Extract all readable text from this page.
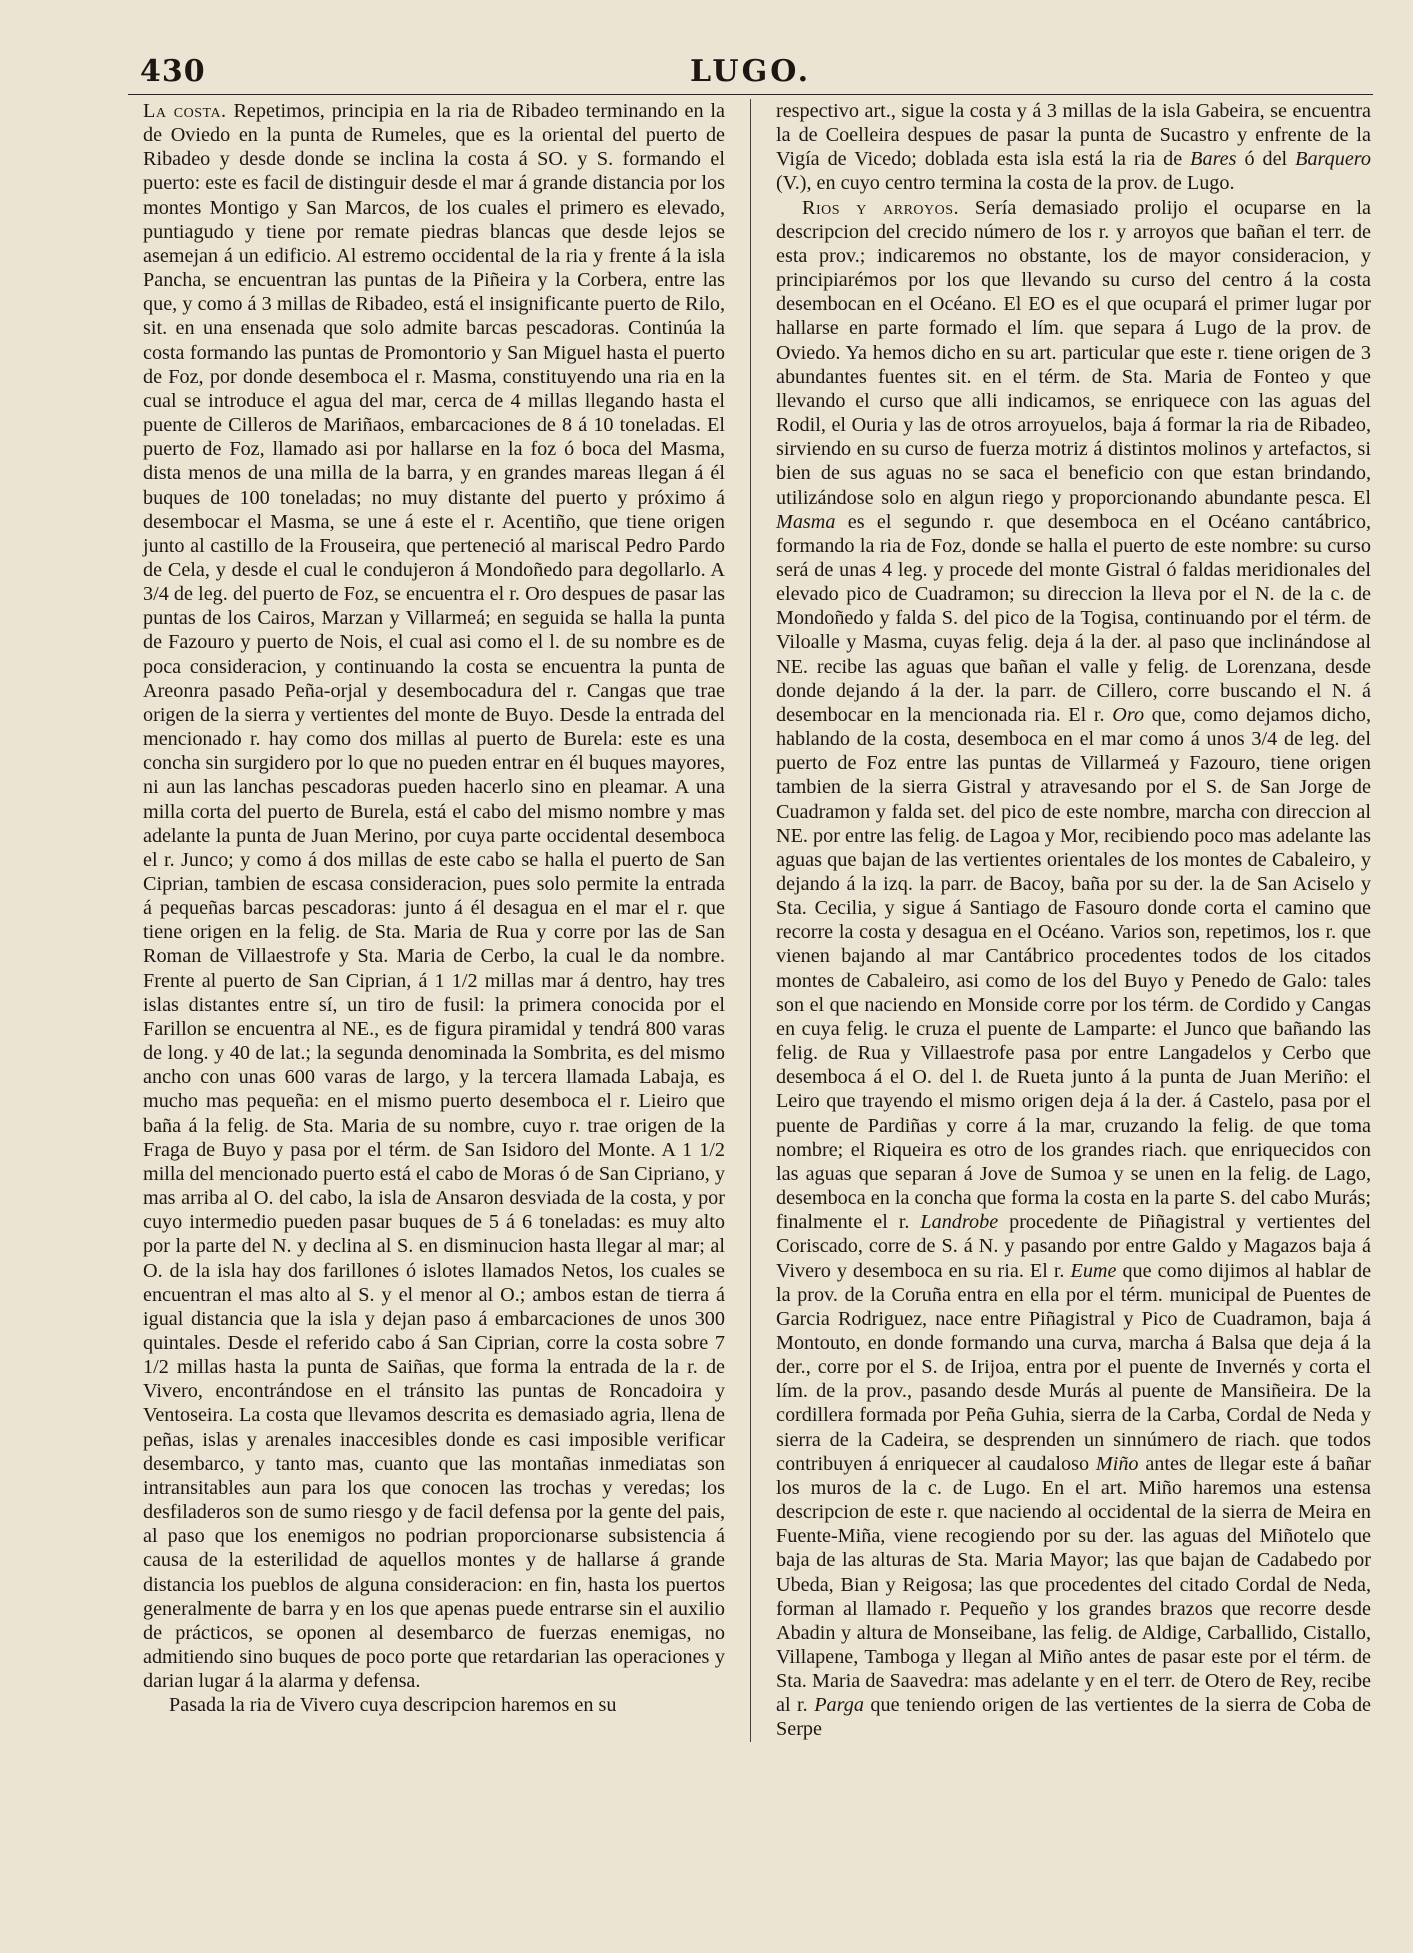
430	LUGO.

La costa. Repetimos, principia en la ria de Ribadeo terminando en la de Oviedo en la punta de Rumeles, que es la oriental del puerto de Ribadeo y desde donde se inclina la costa á SO. y S. formando el puerto: este es facil de distinguir desde el mar á grande distancia por los montes Montigo y San Marcos, de los cuales el primero es elevado, puntiagudo y tiene por remate piedras blancas que desde lejos se asemejan á un edificio. Al estremo occidental de la ria y frente á la isla Pancha, se encuentran las puntas de la Piñeira y la Corbera, entre las que, y como á 3 millas de Ribadeo, está el insignificante puerto de Rilo, sit. en una ensenada que solo admite barcas pescadoras. Continúa la costa formando las puntas de Promontorio y San Miguel hasta el puerto de Foz, por donde desemboca el r. Masma, constituyendo una ria en la cual se introduce el agua del mar, cerca de 4 millas llegando hasta el puente de Cilleros de Mariñaos, embarcaciones de 8 á 10 toneladas. El puerto de Foz, llamado asi por hallarse en la foz ó boca del Masma, dista menos de una milla de la barra, y en grandes mareas llegan á él buques de 100 toneladas; no muy distante del puerto y próximo á desembocar el Masma, se une á este el r. Acentiño, que tiene origen junto al castillo de la Frouseira, que perteneció al mariscal Pedro Pardo de Cela, y desde el cual le condujeron á Mondoñedo para degollarlo. A 3/4 de leg. del puerto de Foz, se encuentra el r. Oro despues de pasar las puntas de los Cairos, Marzan y Villarmeá; en seguida se halla la punta de Fazouro y puerto de Nois, el cual asi como el l. de su nombre es de poca consideracion, y continuando la costa se encuentra la punta de Areonra pasado Peña-orjal y desembocadura del r. Cangas que trae origen de la sierra y vertientes del monte de Buyo. Desde la entrada del mencionado r. hay como dos millas al puerto de Burela: este es una concha sin surgidero por lo que no pueden entrar en él buques mayores, ni aun las lanchas pescadoras pueden hacerlo sino en pleamar. A una milla corta del puerto de Burela, está el cabo del mismo nombre y mas adelante la punta de Juan Merino, por cuya parte occidental desemboca el r. Junco; y como á dos millas de este cabo se halla el puerto de San Ciprian, tambien de escasa consideracion, pues solo permite la entrada á pequeñas barcas pescadoras: junto á él desagua en el mar el r. que tiene origen en la felig. de Sta. Maria de Rua y corre por las de San Roman de Villaestrofe y Sta. Maria de Cerbo, la cual le da nombre. Frente al puerto de San Ciprian, á 1 1/2 millas mar á dentro, hay tres islas distantes entre sí, un tiro de fusil: la primera conocida por el Farillon se encuentra al NE., es de figura piramidal y tendrá 800 varas de long. y 40 de lat.; la segunda denominada la Sombrita, es del mismo ancho con unas 600 varas de largo, y la tercera llamada Labaja, es mucho mas pequeña: en el mismo puerto desemboca el r. Lieiro que baña á la felig. de Sta. Maria de su nombre, cuyo r. trae origen de la Fraga de Buyo y pasa por el térm. de San Isidoro del Monte. A 1 1/2 milla del mencionado puerto está el cabo de Moras ó de San Cipriano, y mas arriba al O. del cabo, la isla de Ansaron desviada de la costa, y por cuyo intermedio pueden pasar buques de 5 á 6 toneladas: es muy alto por la parte del N. y declina al S. en disminucion hasta llegar al mar; al O. de la isla hay dos farillones ó islotes llamados Netos, los cuales se encuentran el mas alto al S. y el menor al O.; ambos estan de tierra á igual distancia que la isla y dejan paso á embarcaciones de unos 300 quintales. Desde el referido cabo á San Ciprian, corre la costa sobre 7 1/2 millas hasta la punta de Saiñas, que forma la entrada de la r. de Vivero, encontrándose en el tránsito las puntas de Roncadoira y Ventoseira. La costa que llevamos descrita es demasiado agria, llena de peñas, islas y arenales inaccesibles donde es casi imposible verificar desembarco, y tanto mas, cuanto que las montañas inmediatas son intransitables aun para los que conocen las trochas y veredas; los desfiladeros son de sumo riesgo y de facil defensa por la gente del pais, al paso que los enemigos no podrian proporcionarse subsistencia á causa de la esterilidad de aquellos montes y de hallarse á grande distancia los pueblos de alguna consideracion: en fin, hasta los puertos generalmente de barra y en los que apenas puede entrarse sin el auxilio de prácticos, se oponen al desembarco de fuerzas enemigas, no admitiendo sino buques de poco porte que retardarian las operaciones y darian lugar á la alarma y defensa.

Pasada la ria de Vivero cuya descripcion haremos en su

respectivo art., sigue la costa y á 3 millas de la isla Gabeira, se encuentra la de Coelleira despues de pasar la punta de Sucastro y enfrente de la Vigía de Vicedo; doblada esta isla está la ria de Bares ó del Barquero (V.), en cuyo centro termina la costa de la prov. de Lugo.

Rios y arroyos. Sería demasiado prolijo el ocuparse en la descripcion del crecido número de los r. y arroyos que bañan el terr. de esta prov.; indicaremos no obstante, los de mayor consideracion, y principiarémos por los que llevando su curso del centro á la costa desembocan en el Océano. El EO es el que ocupará el primer lugar por hallarse en parte formado el lím. que separa á Lugo de la prov. de Oviedo. Ya hemos dicho en su art. particular que este r. tiene origen de 3 abundantes fuentes sit. en el térm. de Sta. Maria de Fonteo y que llevando el curso que alli indicamos, se enriquece con las aguas del Rodil, el Ouria y las de otros arroyuelos, baja á formar la ria de Ribadeo, sirviendo en su curso de fuerza motriz á distintos molinos y artefactos, si bien de sus aguas no se saca el beneficio con que estan brindando, utilizándose solo en algun riego y proporcionando abundante pesca. El Masma es el segundo r. que desemboca en el Océano cantábrico, formando la ria de Foz, donde se halla el puerto de este nombre: su curso será de unas 4 leg. y procede del monte Gistral ó faldas meridionales del elevado pico de Cuadramon; su direccion la lleva por el N. de la c. de Mondoñedo y falda S. del pico de la Togisa, continuando por el térm. de Viloalle y Masma, cuyas felig. deja á la der. al paso que inclinándose al NE. recibe las aguas que bañan el valle y felig. de Lorenzana, desde donde dejando á la der. la parr. de Cillero, corre buscando el N. á desembocar en la mencionada ria. El r. Oro que, como dejamos dicho, hablando de la costa, desemboca en el mar como á unos 3/4 de leg. del puerto de Foz entre las puntas de Villarmeá y Fazouro, tiene origen tambien de la sierra Gistral y atravesando por el S. de San Jorge de Cuadramon y falda set. del pico de este nombre, marcha con direccion al NE. por entre las felig. de Lagoa y Mor, recibiendo poco mas adelante las aguas que bajan de las vertientes orientales de los montes de Cabaleiro, y dejando á la izq. la parr. de Bacoy, baña por su der. la de San Aciselo y Sta. Cecilia, y sigue á Santiago de Fasouro donde corta el camino que recorre la costa y desagua en el Océano. Varios son, repetimos, los r. que vienen bajando al mar Cantábrico procedentes todos de los citados montes de Cabaleiro, asi como de los del Buyo y Penedo de Galo: tales son el que naciendo en Monside corre por los térm. de Cordido y Cangas en cuya felig. le cruza el puente de Lamparte: el Junco que bañando las felig. de Rua y Villaestrofe pasa por entre Langadelos y Cerbo que desemboca á el O. del l. de Rueta junto á la punta de Juan Meriño: el Leiro que trayendo el mismo origen deja á la der. á Castelo, pasa por el puente de Pardiñas y corre á la mar, cruzando la felig. de que toma nombre; el Riqueira es otro de los grandes riach. que enriquecidos con las aguas que separan á Jove de Sumoa y se unen en la felig. de Lago, desemboca en la concha que forma la costa en la parte S. del cabo Murás; finalmente el r. Landrobe procedente de Piñagistral y vertientes del Coriscado, corre de S. á N. y pasando por entre Galdo y Magazos baja á Vivero y desemboca en su ria. El r. Eume que como dijimos al hablar de la prov. de la Coruña entra en ella por el térm. municipal de Puentes de Garcia Rodriguez, nace entre Piñagistral y Pico de Cuadramon, baja á Montouto, en donde formando una curva, marcha á Balsa que deja á la der., corre por el S. de Irijoa, entra por el puente de Invernés y corta el lím. de la prov., pasando desde Murás al puente de Mansiñeira. De la cordillera formada por Peña Guhia, sierra de la Carba, Cordal de Neda y sierra de la Cadeira, se desprenden un sinnúmero de riach. que todos contribuyen á enriquecer al caudaloso Miño antes de llegar este á bañar los muros de la c. de Lugo. En el art. Miño haremos una estensa descripcion de este r. que naciendo al occidental de la sierra de Meira en Fuente-Miña, viene recogiendo por su der. las aguas del Miñotelo que baja de las alturas de Sta. Maria Mayor; las que bajan de Cadabedo por Ubeda, Bian y Reigosa; las que procedentes del citado Cordal de Neda, forman al llamado r. Pequeño y los grandes brazos que recorre desde Abadin y altura de Monseibane, las felig. de Aldige, Carballido, Cistallo, Villapene, Tamboga y llegan al Miño antes de pasar este por el térm. de Sta. Maria de Saavedra: mas adelante y en el terr. de Otero de Rey, recibe al r. Parga que teniendo origen de las vertientes de la sierra de Coba de Serpe
